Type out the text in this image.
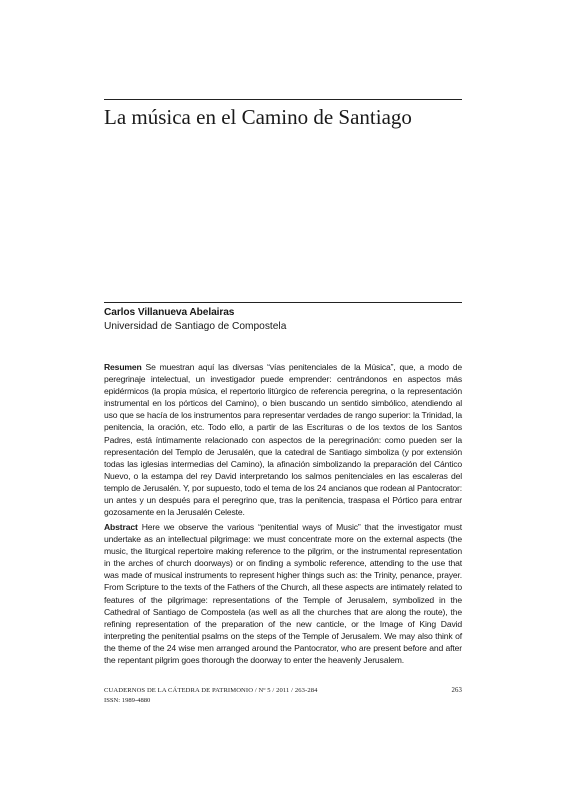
La música en el Camino de Santiago
Carlos Villanueva Abelairas
Universidad de Santiago de Compostela
Resumen Se muestran aquí las diversas “vías penitenciales de la Música”, que, a modo de peregrinaje intelectual, un investigador puede emprender: centrándonos en aspectos más epidérmicos (la propia música, el repertorio litúrgico de referencia peregrina, o la representación instrumental en los pórticos del Camino), o bien buscando un sentido simbólico, atendiendo al uso que se hacía de los instrumentos para representar verdades de rango superior: la Trinidad, la penitencia, la oración, etc. Todo ello, a partir de las Escrituras o de los textos de los Santos Padres, está íntimamente relacionado con aspectos de la peregrinación: como pueden ser la representación del Templo de Jerusalén, que la catedral de Santiago simboliza (y por extensión todas las iglesias intermedias del Camino), la afinación simbolizando la preparación del Cántico Nuevo, o la estampa del rey David interpretando los salmos penitenciales en las escaleras del templo de Jerusalén. Y, por supuesto, todo el tema de los 24 ancianos que rodean al Pantocrator: un antes y un después para el peregrino que, tras la penitencia, traspasa el Pórtico para entrar gozosamente en la Jerusalén Celeste.
Abstract Here we observe the various “penitential ways of Music” that the investigator must undertake as an intellectual pilgrimage: we must concentrate more on the external aspects (the music, the liturgical repertoire making reference to the pilgrim, or the instrumental representation in the arches of church doorways) or on finding a symbolic reference, attending to the use that was made of musical instruments to represent higher things such as: the Trinity, penance, prayer. From Scripture to the texts of the Fathers of the Church, all these aspects are intimately related to features of the pilgrimage: representations of the Temple of Jerusalem, symbolized in the Cathedral of Santiago de Compostela (as well as all the churches that are along the route), the refining representation of the preparation of the new canticle, or the Image of King David interpreting the penitential psalms on the steps of the Temple of Jerusalem. We may also think of the theme of the 24 wise men arranged around the Pantocrator, who are present before and after the repentant pilgrim goes thorough the doorway to enter the heavenly Jerusalem.
CUADERNOS DE LA CÁTEDRA DE PATRIMONIO / Nº 5 / 2011 / 263-284	263
ISSN: 1989-4880
